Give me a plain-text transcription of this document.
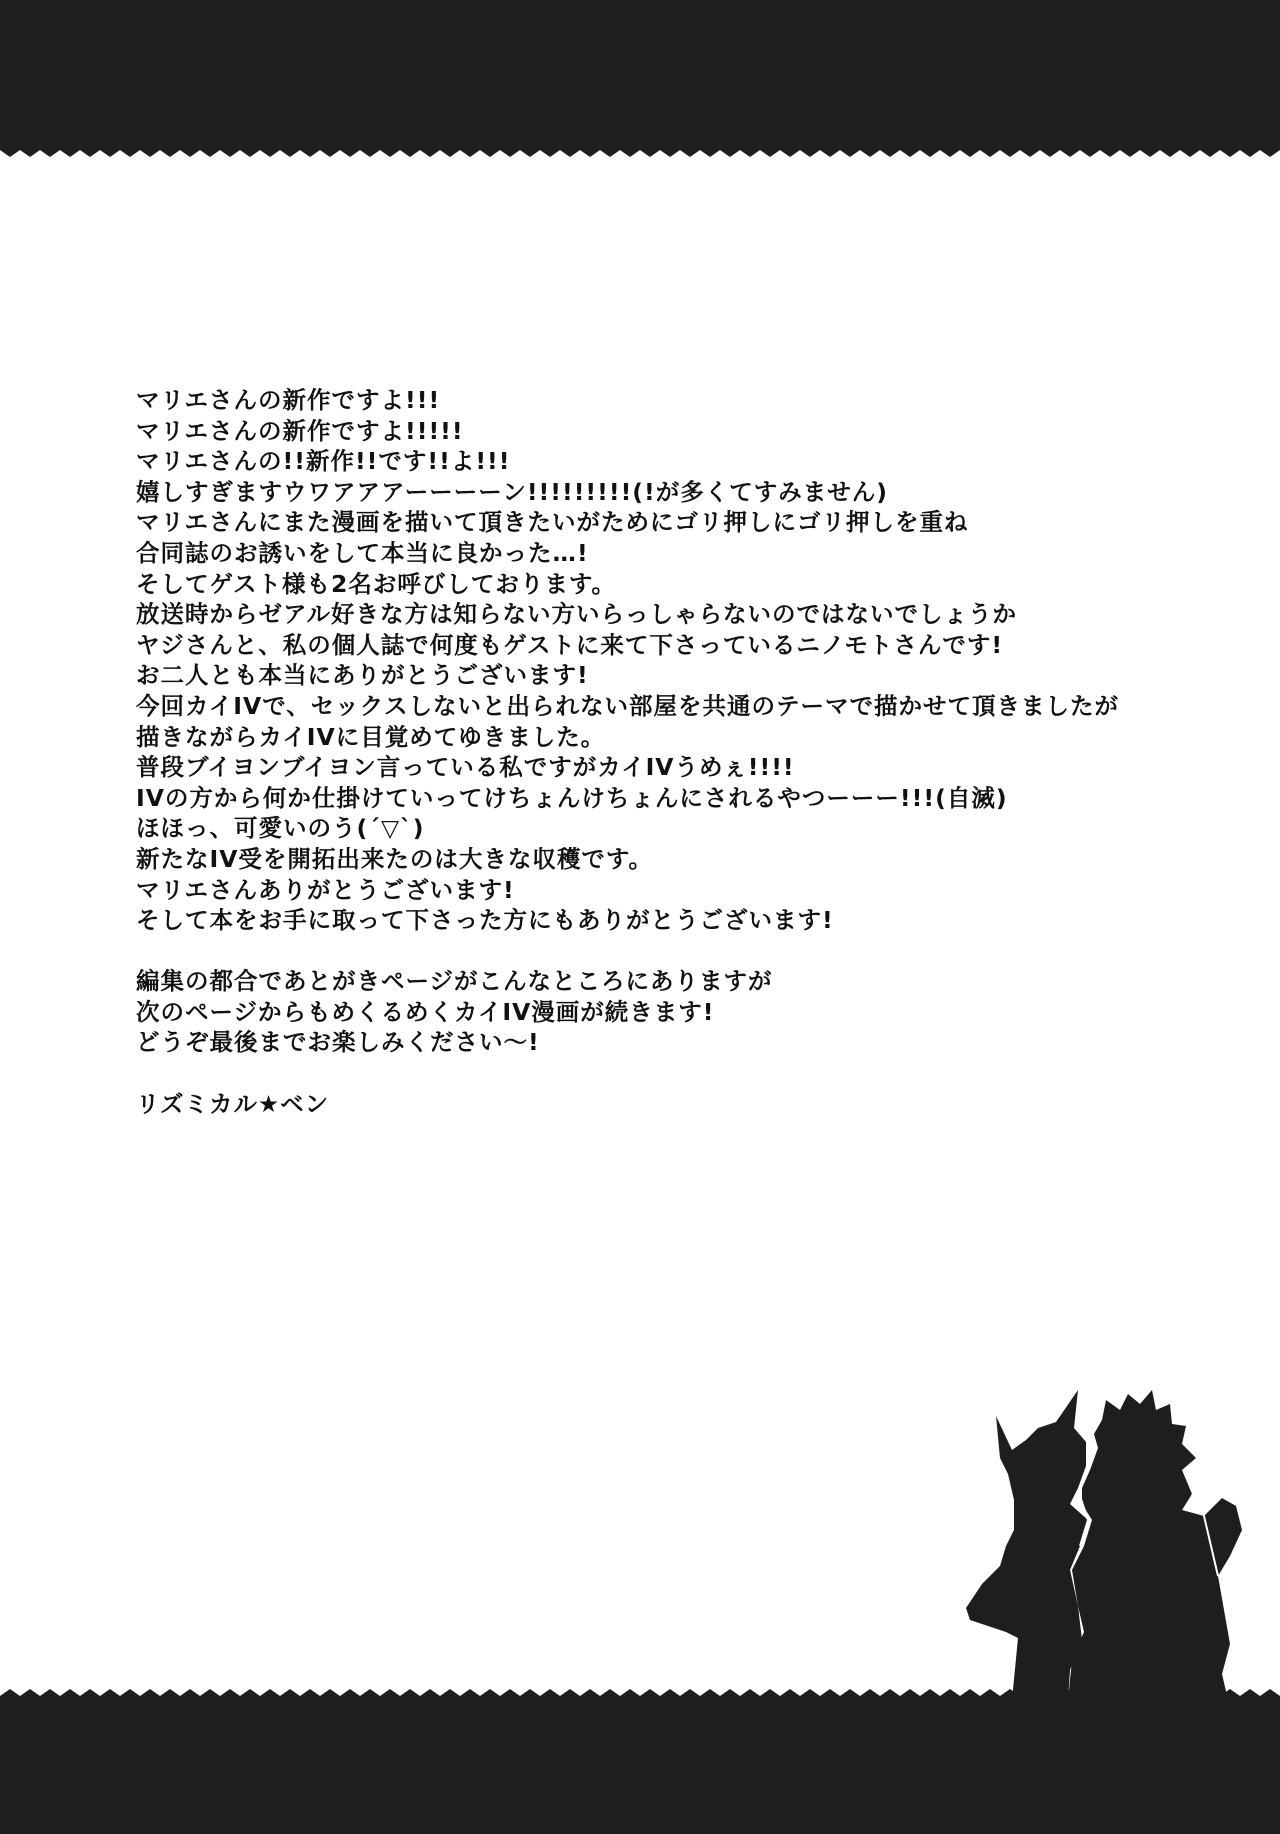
マリエさんの新作ですよ!!!
マリエさんの新作ですよ!!!!!
マリエさんの!!新作!!です!!よ!!!
嬉しすぎますウワアアアーーーーン!!!!!!!!!(!が多くてすみません)
マリエさんにまた漫画を描いて頂きたいがためにゴリ押しにゴリ押しを重ね
合同誌のお誘いをして本当に良かった…!
そしてゲスト様も2名お呼びしております。
放送時からゼアル好きな方は知らない方いらっしゃらないのではないでしょうか
ヤジさんと、私の個人誌で何度もゲストに来て下さっているニノモトさんです!
お二人とも本当にありがとうございます!
今回カイIVで、セックスしないと出られない部屋を共通のテーマで描かせて頂きましたが
描きながらカイIVに目覚めてゆきました。
普段ブイヨンブイヨン言っている私ですがカイIVうめぇ!!!!
IVの方から何か仕掛けていってけちょんけちょんにされるやつーーー!!!(自滅)
ほほっ、可愛いのう(´▽`)
新たなIV受を開拓出来たのは大きな収穫です。
マリエさんありがとうございます!
そして本をお手に取って下さった方にもありがとうございます!
編集の都合であとがきページがこんなところにありますが
次のページからもめくるめくカイIV漫画が続きます!
どうぞ最後までお楽しみください〜!
リズミカル★ベン
